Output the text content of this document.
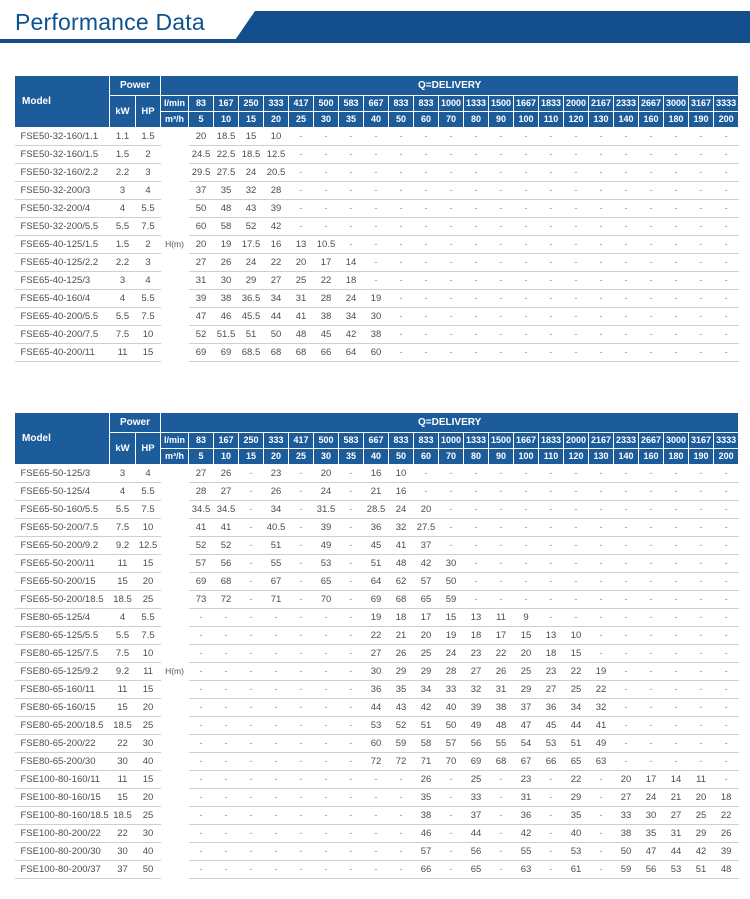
Performance Data
Model	Power		Q=DELIVERY																						
	kW	HP	l/min	83	167	250	333	417	500	583	667	833	833	1000	1333	1500	1667	1833	2000	2167	2333	2667	3000	3167	3333
			m³/h	5	10	15	20	25	30	35	40	50	60	70	80	90	100	110	120	130	140	160	180	190	200
FSE50-32-160/1.1	1.1	1.5		20	18.5	15	10	-	-	-	-	-	-	-	-	-	-	-	-	-	-	-	-	-	-
FSE50-32-160/1.5	1.5	2		24.5	22.5	18.5	12.5	-	-	-	-	-	-	-	-	-	-	-	-	-	-	-	-	-	-
FSE50-32-160/2.2	2.2	3		29.5	27.5	24	20.5	-	-	-	-	-	-	-	-	-	-	-	-	-	-	-	-	-	-
FSE50-32-200/3	3	4		37	35	32	28	-	-	-	-	-	-	-	-	-	-	-	-	-	-	-	-	-	-
FSE50-32-200/4	4	5.5		50	48	43	39	-	-	-	-	-	-	-	-	-	-	-	-	-	-	-	-	-	-
FSE50-32-200/5.5	5.5	7.5		60	58	52	42	-	-	-	-	-	-	-	-	-	-	-	-	-	-	-	-	-	-
FSE65-40-125/1.5	1.5	2	H(m)	20	19	17.5	16	13	10.5	-	-	-	-	-	-	-	-	-	-	-	-	-	-	-	-
FSE65-40-125/2.2	2.2	3		27	26	24	22	20	17	14	-	-	-	-	-	-	-	-	-	-	-	-	-	-	-
FSE65-40-125/3	3	4		31	30	29	27	25	22	18	-	-	-	-	-	-	-	-	-	-	-	-	-	-	-
FSE65-40-160/4	4	5.5		39	38	36.5	34	31	28	24	19	-	-	-	-	-	-	-	-	-	-	-	-	-	-
FSE65-40-200/5.5	5.5	7.5		47	46	45.5	44	41	38	34	30	-	-	-	-	-	-	-	-	-	-	-	-	-	-
FSE65-40-200/7.5	7.5	10		52	51.5	51	50	48	45	42	38	-	-	-	-	-	-	-	-	-	-	-	-	-	-
FSE65-40-200/11	11	15		69	69	68.5	68	68	66	64	60	-	-	-	-	-	-	-	-	-	-	-	-	-	-
Model	Power		Q=DELIVERY																						
	kW	HP	l/min	83	167	250	333	417	500	583	667	833	833	1000	1333	1500	1667	1833	2000	2167	2333	2667	3000	3167	3333
			m³/h	5	10	15	20	25	30	35	40	50	60	70	80	90	100	110	120	130	140	160	180	190	200
FSE65-50-125/3	3	4		27	26	-	23	-	20	-	16	10	-	-	-	-	-	-	-	-	-	-	-	-	-
FSE65-50-125/4	4	5.5		28	27	-	26	-	24	-	21	16	-	-	-	-	-	-	-	-	-	-	-	-	-
FSE65-50-160/5.5	5.5	7.5		34.5	34.5	-	34	-	31.5	-	28.5	24	20	-	-	-	-	-	-	-	-	-	-	-	-
FSE65-50-200/7.5	7.5	10		41	41	-	40.5	-	39	-	36	32	27.5	-	-	-	-	-	-	-	-	-	-	-	-
FSE65-50-200/9.2	9.2	12.5		52	52	-	51	-	49	-	45	41	37	-	-	-	-	-	-	-	-	-	-	-	-
FSE65-50-200/11	11	15		57	56	-	55	-	53	-	51	48	42	30	-	-	-	-	-	-	-	-	-	-	-
FSE65-50-200/15	15	20		69	68	-	67	-	65	-	64	62	57	50	-	-	-	-	-	-	-	-	-	-	-
FSE65-50-200/18.5	18.5	25		73	72	-	71	-	70	-	69	68	65	59	-	-	-	-	-	-	-	-	-	-	-
FSE80-65-125/4	4	5.5		-	-	-	-	-	-	-	19	18	17	15	13	11	9	-	-	-	-	-	-	-	-
FSE80-65-125/5.5	5.5	7.5		-	-	-	-	-	-	-	22	21	20	19	18	17	15	13	10	-	-	-	-	-	-
FSE80-65-125/7.5	7.5	10		-	-	-	-	-	-	-	27	26	25	24	23	22	20	18	15	-	-	-	-	-	-
FSE80-65-125/9.2	9.2	11	H(m)	-	-	-	-	-	-	-	30	29	29	28	27	26	25	23	22	19	-	-	-	-	-
FSE80-65-160/11	11	15		-	-	-	-	-	-	-	36	35	34	33	32	31	29	27	25	22	-	-	-	-	-
FSE80-65-160/15	15	20		-	-	-	-	-	-	-	44	43	42	40	39	38	37	36	34	32	-	-	-	-	-
FSE80-65-200/18.5	18.5	25		-	-	-	-	-	-	-	53	52	51	50	49	48	47	45	44	41	-	-	-	-	-
FSE80-65-200/22	22	30		-	-	-	-	-	-	-	60	59	58	57	56	55	54	53	51	49	-	-	-	-	-
FSE80-65-200/30	30	40		-	-	-	-	-	-	-	72	72	71	70	69	68	67	66	65	63	-	-	-	-	-
FSE100-80-160/11	11	15		-	-	-	-	-	-	-	-	-	26	-	25	-	23	-	22	-	20	17	14	11	-
FSE100-80-160/15	15	20		-	-	-	-	-	-	-	-	-	35	-	33	-	31	-	29	-	27	24	21	20	18
FSE100-80-160/18.5	18.5	25		-	-	-	-	-	-	-	-	-	38	-	37	-	36	-	35	-	33	30	27	25	22
FSE100-80-200/22	22	30		-	-	-	-	-	-	-	-	-	46	-	44	-	42	-	40	-	38	35	31	29	26
FSE100-80-200/30	30	40		-	-	-	-	-	-	-	-	-	57	-	56	-	55	-	53	-	50	47	44	42	39
FSE100-80-200/37	37	50		-	-	-	-	-	-	-	-	-	66	-	65	-	63	-	61	-	59	56	53	51	48
